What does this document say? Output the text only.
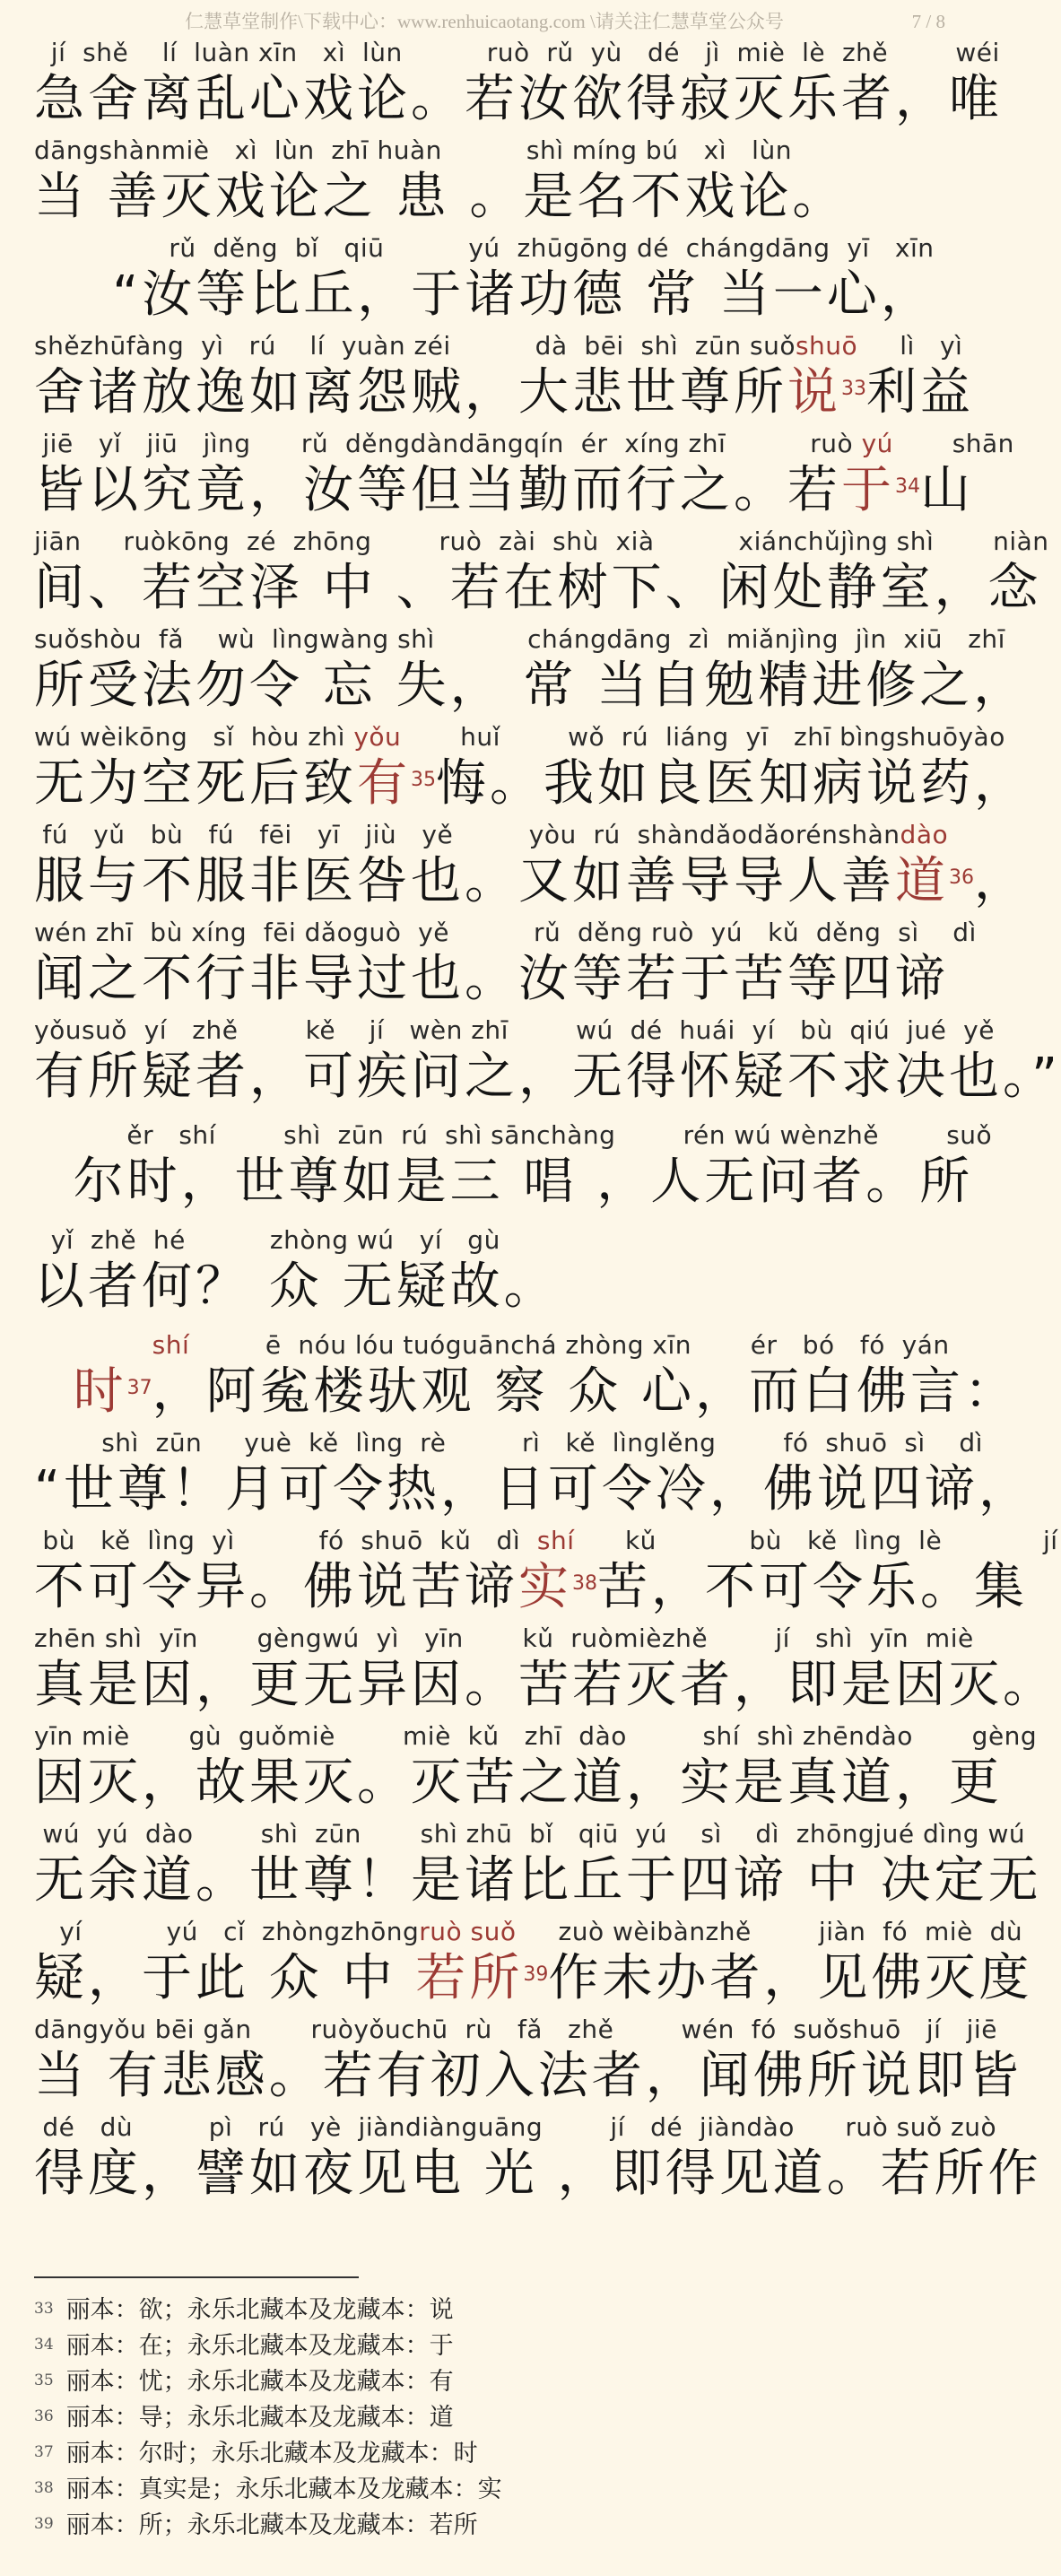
仁慧草堂制作\下载中心：www.renhuicaotang.com \请关注仁慧草堂公众号	7 / 8
jí  shě    lí  luàn xīn   xì  lùn          ruò  rǔ  yù   dé   jì  miè  lè  zhě        wéi
急舍离乱心戏论。若汝欲得寂灭乐者，唯
dāngshànmiè   xì  lùn  zhī huàn          shì míng bú   xì   lùn
当 善灭戏论之 患 。是名不戏论。
rǔ  děng  bǐ   qiū          yú  zhūgōng dé  chángdāng  yī   xīn
“汝等比丘，于诸功德 常 当一心，
shězhūfàng  yì   rú    lí  yuàn zéi          dà  bēi  shì  zūn suǒshuō     lì   yì
舍诸放逸如离怨贼，大悲世尊所说$^{33}$利益
jiē   yǐ   jiū   jìng      rǔ  děngdàndāngqín  ér  xíng zhī          ruò yú       shān
皆以究竟，汝等但当勤而行之。若于$^{34}$山
jiān     ruòkōng  zé  zhōng        ruò  zài  shù  xià          xiánchǔjìng shì       niàn
间、若空泽 中 、若在树下、闲处静室，念
suǒshòu  fǎ    wù  lìngwàng shì           chángdāng  zì  miǎnjìng  jìn  xiū   zhī
所受法勿令 忘 失， 常 当自勉精进修之，
wú wèikōng   sǐ  hòu zhì yǒu       huǐ        wǒ  rú  liáng  yī   zhī bìngshuōyào
无为空死后致有$^{35}$悔。我如良医知病说药，
fú   yǔ   bù   fú   fēi   yī   jiù   yě         yòu  rú  shàndǎodǎorénshàndào
服与不服非医咎也。又如善导导人善道$^{36}$，
wén zhī  bù xíng  fēi dǎoguò  yě          rǔ  děng ruò  yú   kǔ  děng  sì    dì
闻之不行非导过也。汝等若于苦等四谛
yǒusuǒ  yí   zhě        kě    jí   wèn zhī        wú  dé  huái  yí   bù  qiú  jué  yě
有所疑者，可疾问之，无得怀疑不求决也。”
ěr   shí        shì  zūn  rú  shì sānchàng        rén wú wènzhě        suǒ
尔时，世尊如是三 唱 ，人无问者。所
yǐ  zhě  hé          zhòng wú   yí   gù
以者何？ 众 无疑故。
shí         ē  nóu lóu tuóguānchá zhòng xīn       ér   bó   fó  yán
时$^{37}$，阿㝹楼驮观 察 众 心，而白佛言：
shì  zūn     yuè  kě  lìng  rè         rì   kě  lìnglěng        fó  shuō  sì    dì
“世尊！月可令热，日可令冷，佛说四谛，
bù   kě  lìng  yì          fó  shuō  kǔ   dì  shí      kǔ           bù   kě  lìng  lè            jí
不可令异。佛说苦谛实$^{38}$苦，不可令乐。集
zhēn shì  yīn       gèngwú  yì   yīn       kǔ  ruòmièzhě        jí   shì  yīn  miè
真是因，更无异因。苦若灭者，即是因灭。
yīn miè       gù  guǒmiè        miè  kǔ   zhī  dào         shí  shì zhēndào       gèng
因灭，故果灭。灭苦之道，实是真道，更
wú  yú  dào        shì  zūn       shì zhū  bǐ   qiū  yú    sì    dì  zhōngjué dìng wú
无余道。世尊！是诸比丘于四谛 中 决定无
yí          yú   cǐ  zhòngzhōngruò suǒ     zuò wèibànzhě        jiàn  fó  miè  dù
疑，于此 众 中 若所$^{39}$作未办者，见佛灭度
dāngyǒu bēi gǎn       ruòyǒuchū  rù   fǎ   zhě        wén  fó  suǒshuō   jí   jiē
当 有悲感。若有初入法者，闻佛所说即皆
dé   dù         pì   rú   yè  jiàndiànguāng        jí   dé  jiàndào      ruò suǒ zuò
得度，譬如夜见电 光 ，即得见道。若所作
$^{33}$ 丽本：欲；永乐北藏本及龙藏本：说
$^{34}$ 丽本：在；永乐北藏本及龙藏本：于
$^{35}$ 丽本：忧；永乐北藏本及龙藏本：有
$^{36}$ 丽本：导；永乐北藏本及龙藏本：道
$^{37}$ 丽本：尔时；永乐北藏本及龙藏本：时
$^{38}$ 丽本：真实是；永乐北藏本及龙藏本：实
$^{39}$ 丽本：所；永乐北藏本及龙藏本：若所
